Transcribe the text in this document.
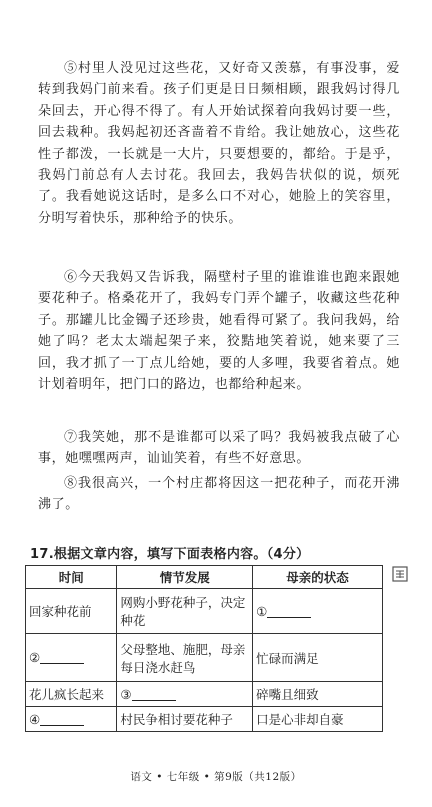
⑤村里人没见过这些花，又好奇又羡慕，有事没事，爱转到我妈门前来看。孩子们更是日日频相顾，跟我妈讨得几朵回去，开心得不得了。有人开始试探着向我妈讨要一些，回去栽种。我妈起初还吝啬着不肯给。我让她放心，这些花性子都泼，一长就是一大片，只要想要的，都给。于是乎，我妈门前总有人去讨花。我回去，我妈告状似的说，烦死了。我看她说这话时，是多么口不对心，她脸上的笑容里，分明写着快乐，那种给予的快乐。

⑥今天我妈又告诉我，隔壁村子里的谁谁谁也跑来跟她要花种子。格桑花开了，我妈专门弄个罐子，收藏这些花种子。那罐儿比金镯子还珍贵，她看得可紧了。我问我妈，给她了吗？老太太端起架子来，狡黠地笑着说，她来要了三回，我才抓了一丁点儿给她，要的人多哩，我要省着点。她计划着明年，把门口的路边，也都给种起来。

⑦我笑她，那不是谁都可以采了吗？我妈被我点破了心事，她嘿嘿两声，讪讪笑着，有些不好意思。

⑧我很高兴，一个村庄都将因这一把花种子，而花开沸沸了。

17.根据文章内容，填写下面表格内容。（4分）

时间	情节发展	母亲的状态
回家种花前	网购小野花种子，决定种花	①
②	父母整地、施肥，母亲每日浇水赶鸟	忙碌而满足
花儿疯长起来	③	碎嘴且细致
④	村民争相讨要花种子	口是心非却自豪

语文 • 七年级 • 第9版（共12版）
